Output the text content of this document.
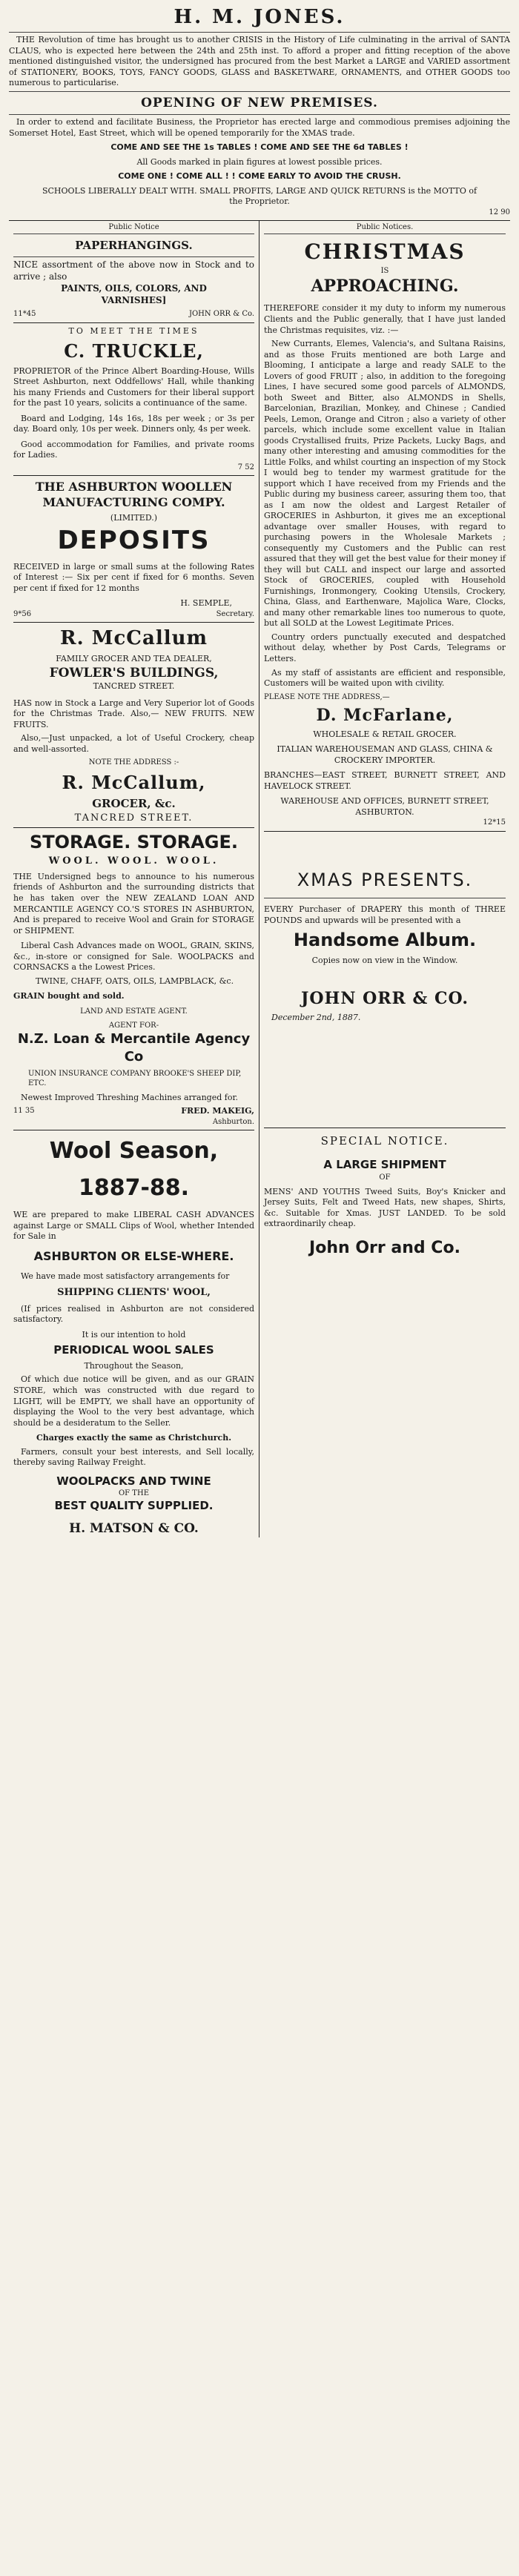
H. M. JONES.

THE Revolution of time has brought us to another CRISIS in the History of Life culminating in the arrival of SANTA CLAUS, who is expected here between the 24th and 25th inst. To afford a proper and fitting reception of the above mentioned distinguished visitor, the undersigned has procured from the best Market a LARGE and VARIED assortment of STATIONERY, BOOKS, TOYS, FANCY GOODS, GLASS and BASKETWARE, ORNAMENTS, and OTHER GOODS too numerous to particularise.

OPENING OF NEW PREMISES.

In order to extend and facilitate Business, the Proprietor has erected large and commodious premises adjoining the Somerset Hotel, East Street, which will be opened temporarily for the XMAS trade.

COME AND SEE THE 1s TABLES ! COME AND SEE THE 6d TABLES !
All Goods marked in plain figures at lowest possible prices.
COME ONE ! COME ALL ! ! COME EARLY TO AVOID THE CRUSH.
SCHOOLS LIBERALLY DEALT WITH. SMALL PROFITS, LARGE AND QUICK RETURNS is the MOTTO of the Proprietor.
12 90
Public Notice
PAPERHANGINGS.

NICE assortment of the above now in Stock and to arrive ; also

PAINTS, OILS, COLORS, AND VARNISHES]
11*45	JOHN ORR & Co.
TO MEET THE TIMES
C. TRUCKLE,

PROPRIETOR of the Prince Albert Boarding-House, Wills Street Ashburton, next Oddfellows' Hall, while thanking his many Friends and Customers for their liberal support for the past 10 years, solicits a continuance of the same.

Board and Lodging, 14s 16s, 18s per week ; or 3s per day. Board only, 10s per week. Dinners only, 4s per week.

Good accommodation for Families, and private rooms for Ladies.

7 52
THE ASHBURTON WOOLLEN MANUFACTURING COMPY.
(LIMITED.)
DEPOSITS

RECEIVED in large or small sums at the following Rates of Interest :— Six per cent if fixed for 6 months. Seven per cent if fixed for 12 months

H. SEMPLE,
9*56	Secretary.
R. McCallum
FAMILY GROCER AND TEA DEALER,
FOWLER'S BUILDINGS,
TANCRED STREET.

HAS now in Stock a Large and Very Superior lot of Goods for the Christmas Trade. Also,— NEW FRUITS. NEW FRUITS.

Also,—Just unpacked, a lot of Useful Crockery, cheap and well-assorted.

NOTE THE ADDRESS :-
R. McCallum,
GROCER, &c.
TANCRED STREET.
STORAGE. STORAGE.
WOOL. WOOL. WOOL.

THE Undersigned begs to announce to his numerous friends of Ashburton and the surrounding districts that he has taken over the NEW ZEALAND LOAN AND MERCANTILE AGENCY CO.'S STORES IN ASHBURTON, And is prepared to receive Wool and Grain for STORAGE or SHIPMENT.

Liberal Cash Advances made on WOOL, GRAIN, SKINS, &c., in-store or consigned for Sale. WOOLPACKS and CORNSACKS a the Lowest Prices.

TWINE, CHAFF, OATS, OILS, LAMPBLACK, &c.

GRAIN bought and sold.

LAND AND ESTATE AGENT.

AGENT FOR-

N.Z. Loan & Mercantile Agency Co

UNION INSURANCE COMPANY BROOKE'S SHEEP DIP, ETC.

Newest Improved Threshing Machines arranged for.

11 35	FRED. MAKEIG,
Ashburton.
Wool Season,
1887-88.

WE are prepared to make LIBERAL CASH ADVANCES against Large or SMALL Clips of Wool, whether Intended for Sale in

ASHBURTON OR ELSE-WHERE.

We have made most satisfactory arrangements for

SHIPPING CLIENTS' WOOL,

(If prices realised in Ashburton are not considered satisfactory.

It is our intention to hold

PERIODICAL WOOL SALES

Throughout the Season,

Of which due notice will be given, and as our GRAIN STORE, which was constructed with due regard to LIGHT, will be EMPTY, we shall have an opportunity of displaying the Wool to the very best advantage, which should be a desideratum to the Seller.

Charges exactly the same as Christchurch.

Farmers, consult your best interests, and Sell locally, thereby saving Railway Freight.

WOOLPACKS AND TWINE

OF THE

BEST QUALITY SUPPLIED.
H. MATSON & CO.
Public Notices.
CHRISTMAS
IS
APPROACHING.

THEREFORE consider it my duty to inform my numerous Clients and the Public generally, that I have just landed the Christmas requisites, viz. :—

New Currants, Elemes, Valencia's, and Sultana Raisins, and as those Fruits mentioned are both Large and Blooming, I anticipate a large and ready SALE to the Lovers of good FRUIT ; also, in addition to the foregoing Lines, I have secured some good parcels of ALMONDS, both Sweet and Bitter, also ALMONDS in Shells, Barcelonian, Brazilian, Monkey, and Chinese ; Candied Peels, Lemon, Orange and Citron ; also a variety of other parcels, which include some excellent value in Italian goods Crystallised fruits, Prize Packets, Lucky Bags, and many other interesting and amusing commodities for the Little Folks, and whilst courting an inspection of my Stock I would beg to tender my warmest gratitude for the support which I have received from my Friends and the Public during my business career, assuring them too, that as I am now the oldest and Largest Retailer of GROCERIES in Ashburton, it gives me an exceptional advantage over smaller Houses, with regard to purchasing powers in the Wholesale Markets ; consequently my Customers and the Public can rest assured that they will get the best value for their money if they will but CALL and inspect our large and assorted Stock of GROCERIES, coupled with Household Furnishings, Ironmongery, Cooking Utensils, Crockery, China, Glass, and Earthenware, Majolica Ware, Clocks, and many other remarkable lines too numerous to quote, but all SOLD at the Lowest Legitimate Prices.

Country orders punctually executed and despatched without delay, whether by Post Cards, Telegrams or Letters.

As my staff of assistants are efficient and responsible, Customers will be waited upon with civility.

PLEASE NOTE THE ADDRESS,—

D. McFarlane,
WHOLESALE & RETAIL GROCER.

ITALIAN WAREHOUSEMAN AND GLASS, CHINA & CROCKERY IMPORTER.

BRANCHES—EAST STREET, BURNETT STREET, AND HAVELOCK STREET.

WAREHOUSE AND OFFICES, BURNETT STREET, ASHBURTON.

12*15
XMAS PRESENTS.

EVERY Purchaser of DRAPERY this month of THREE POUNDS and upwards will be presented with a

Handsome Album.

Copies now on view in the Window.

JOHN ORR & CO.

December 2nd, 1887.

SPECIAL NOTICE.
A LARGE SHIPMENT
OF

MENS' AND YOUTHS Tweed Suits, Boy's Knicker and Jersey Suits, Felt and Tweed Hats, new shapes, Shirts, &c. Suitable for Xmas. JUST LANDED. To be sold extraordinarily cheap.

John Orr and Co.
